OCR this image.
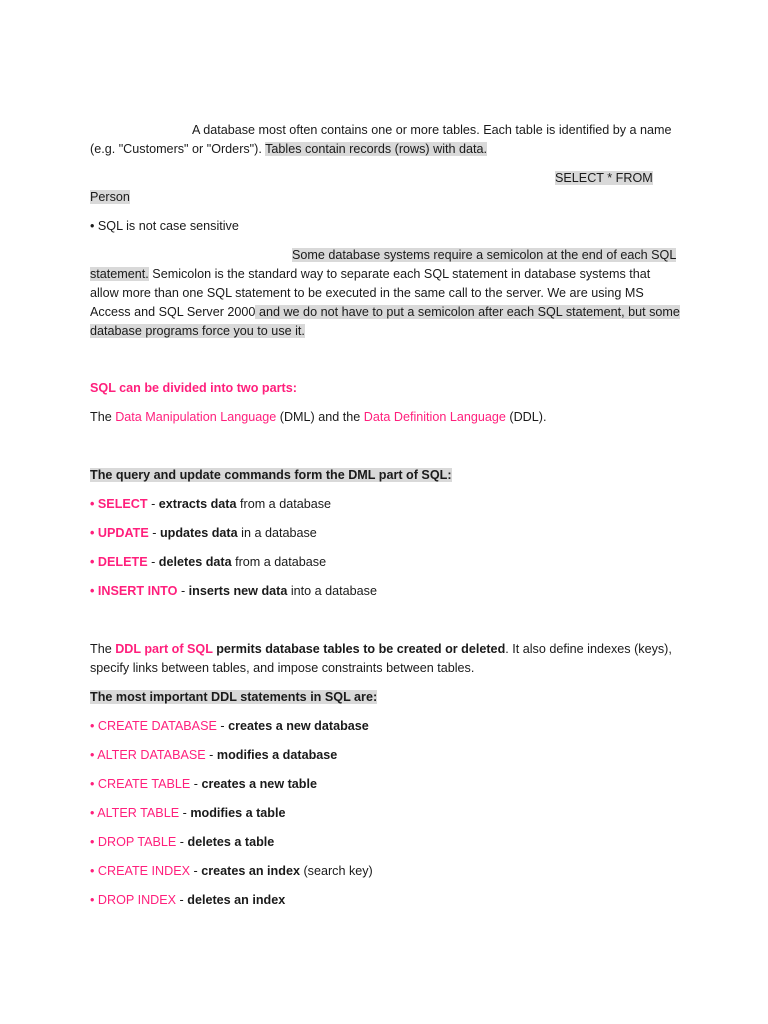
A database most often contains one or more tables. Each table is identified by a name
(e.g. "Customers" or "Orders"). Tables contain records (rows) with data.
SELECT * FROM
Person
• SQL is not case sensitive
Some database systems require a semicolon at the end of each SQL
statement. Semicolon is the standard way to separate each SQL statement in database systems that
allow more than one SQL statement to be executed in the same call to the server. We are using MS
Access and SQL Server 2000 and we do not have to put a semicolon after each SQL statement, but some
database programs force you to use it.
SQL can be divided into two parts:
The Data Manipulation Language (DML) and the Data Definition Language (DDL).
The query and update commands form the DML part of SQL:
• SELECT - extracts data from a database
• UPDATE - updates data in a database
• DELETE - deletes data from a database
• INSERT INTO - inserts new data into a database
The DDL part of SQL permits database tables to be created or deleted. It also define indexes (keys),
specify links between tables, and impose constraints between tables.
The most important DDL statements in SQL are:
• CREATE DATABASE - creates a new database
• ALTER DATABASE - modifies a database
• CREATE TABLE - creates a new table
• ALTER TABLE - modifies a table
• DROP TABLE - deletes a table
• CREATE INDEX - creates an index (search key)
• DROP INDEX - deletes an index
